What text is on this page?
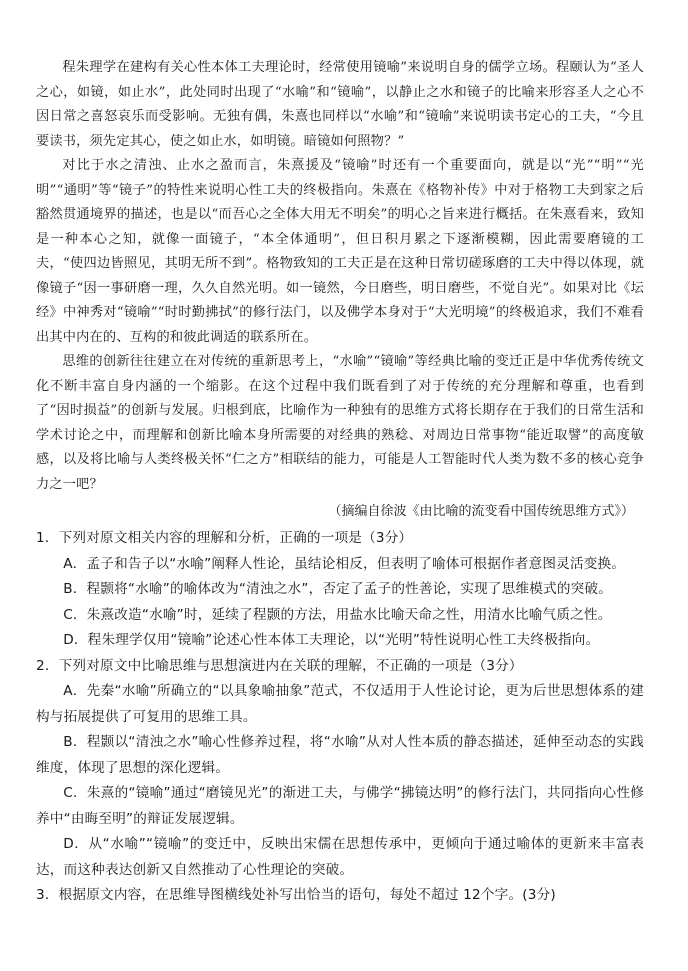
程朱理学在建构有关心性本体工夫理论时，经常使用镜喻”来说明自身的儒学立场。程颐认为“圣人之心，如镜，如止水”，此处同时出现了“水喻”和“镜喻”，以静止之水和镜子的比喻来形容圣人之心不因日常之喜怒哀乐而受影响。无独有偶，朱熹也同样以“水喻”和“镜喻”来说明读书定心的工夫，“今且要读书，须先定其心，使之如止水，如明镜。暗镜如何照物？”

对比于水之清浊、止水之盈而言，朱熹援及“镜喻”时还有一个重要面向，就是以“光”“明”“光明”“通明”等“镜子”的特性来说明心性工夫的终极指向。朱熹在《格物补传》中对于格物工夫到家之后豁然贯通境界的描述，也是以“而吾心之全体大用无不明矣”的明心之旨来进行概括。在朱熹看来，致知是一种本心之知，就像一面镜子，“本全体通明”，但日积月累之下逐渐模糊，因此需要磨镜的工夫，“使四边皆照见，其明无所不到”。格物致知的工夫正是在这种日常切磋琢磨的工夫中得以体现，就像镜子“因一事研磨一理，久久自然光明。如一镜然，今日磨些，明日磨些，不觉自光”。如果对比《坛经》中神秀对“镜喻”“时时勤拂拭”的修行法门，以及佛学本身对于“大光明境”的终极追求，我们不难看出其中内在的、互构的和彼此调适的联系所在。

思维的创新往往建立在对传统的重新思考上，“水喻”“镜喻”等经典比喻的变迁正是中华优秀传统文化不断丰富自身内涵的一个缩影。在这个过程中我们既看到了对于传统的充分理解和尊重，也看到了“因时损益”的创新与发展。归根到底，比喻作为一种独有的思维方式将长期存在于我们的日常生活和学术讨论之中，而理解和创新比喻本身所需要的对经典的熟稔、对周边日常事物“能近取譬”的高度敏感，以及将比喻与人类终极关怀“仁之方”相联结的能力，可能是人工智能时代人类为数不多的核心竞争力之一吧？

（摘编自徐波《由比喻的流变看中国传统思维方式》）

1．下列对原文相关内容的理解和分析，正确的一项是（3分）

A．孟子和告子以“水喻”阐释人性论，虽结论相反，但表明了喻体可根据作者意图灵活变换。

B．程颢将“水喻”的喻体改为“清浊之水”，否定了孟子的性善论，实现了思维模式的突破。

C．朱熹改造“水喻”时，延续了程颢的方法，用盐水比喻天命之性，用清水比喻气质之性。

D．程朱理学仅用“镜喻”论述心性本体工夫理论，以“光明”特性说明心性工夫终极指向。

2．下列对原文中比喻思维与思想演进内在关联的理解，不正确的一项是（3分）

A．先秦“水喻”所确立的“以具象喻抽象”范式，不仅适用于人性论讨论，更为后世思想体系的建构与拓展提供了可复用的思维工具。

B．程颢以“清浊之水”喻心性修养过程，将“水喻”从对人性本质的静态描述，延伸至动态的实践维度，体现了思想的深化逻辑。

C．朱熹的“镜喻”通过“磨镜见光”的渐进工夫，与佛学“拂镜达明”的修行法门，共同指向心性修养中“由晦至明”的辩证发展逻辑。

D．从“水喻”“镜喻”的变迁中，反映出宋儒在思想传承中，更倾向于通过喻体的更新来丰富表达，而这种表达创新又自然推动了心性理论的突破。

3．根据原文内容，在思维导图横线处补写出恰当的语句，每处不超过 12个字。(3分)
